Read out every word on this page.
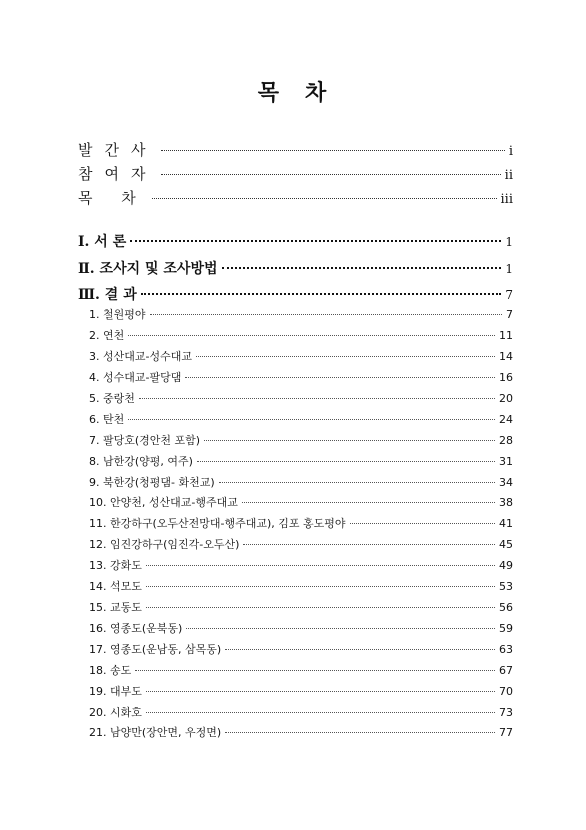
목 차
발간사	i
참여자	ii
목 차	iii
Ⅰ. 서 론	1
Ⅱ. 조사지 및 조사방법	1
Ⅲ. 결 과	7
1. 철원평야	7
2. 연천	11
3. 성산대교-성수대교	14
4. 성수대교-팔당댐	16
5. 중랑천	20
6. 탄천	24
7. 팔당호(경안천 포함)	28
8. 남한강(양평, 여주)	31
9. 북한강(청평댐- 화천교)	34
10. 안양천, 성산대교-행주대교	38
11. 한강하구(오두산전망대-행주대교), 김포 홍도평야	41
12. 임진강하구(임진각-오두산)	45
13. 강화도	49
14. 석모도	53
15. 교동도	56
16. 영종도(운북동)	59
17. 영종도(운남동, 삼목동)	63
18. 송도	67
19. 대부도	70
20. 시화호	73
21. 남양만(장안면, 우정면)	77
